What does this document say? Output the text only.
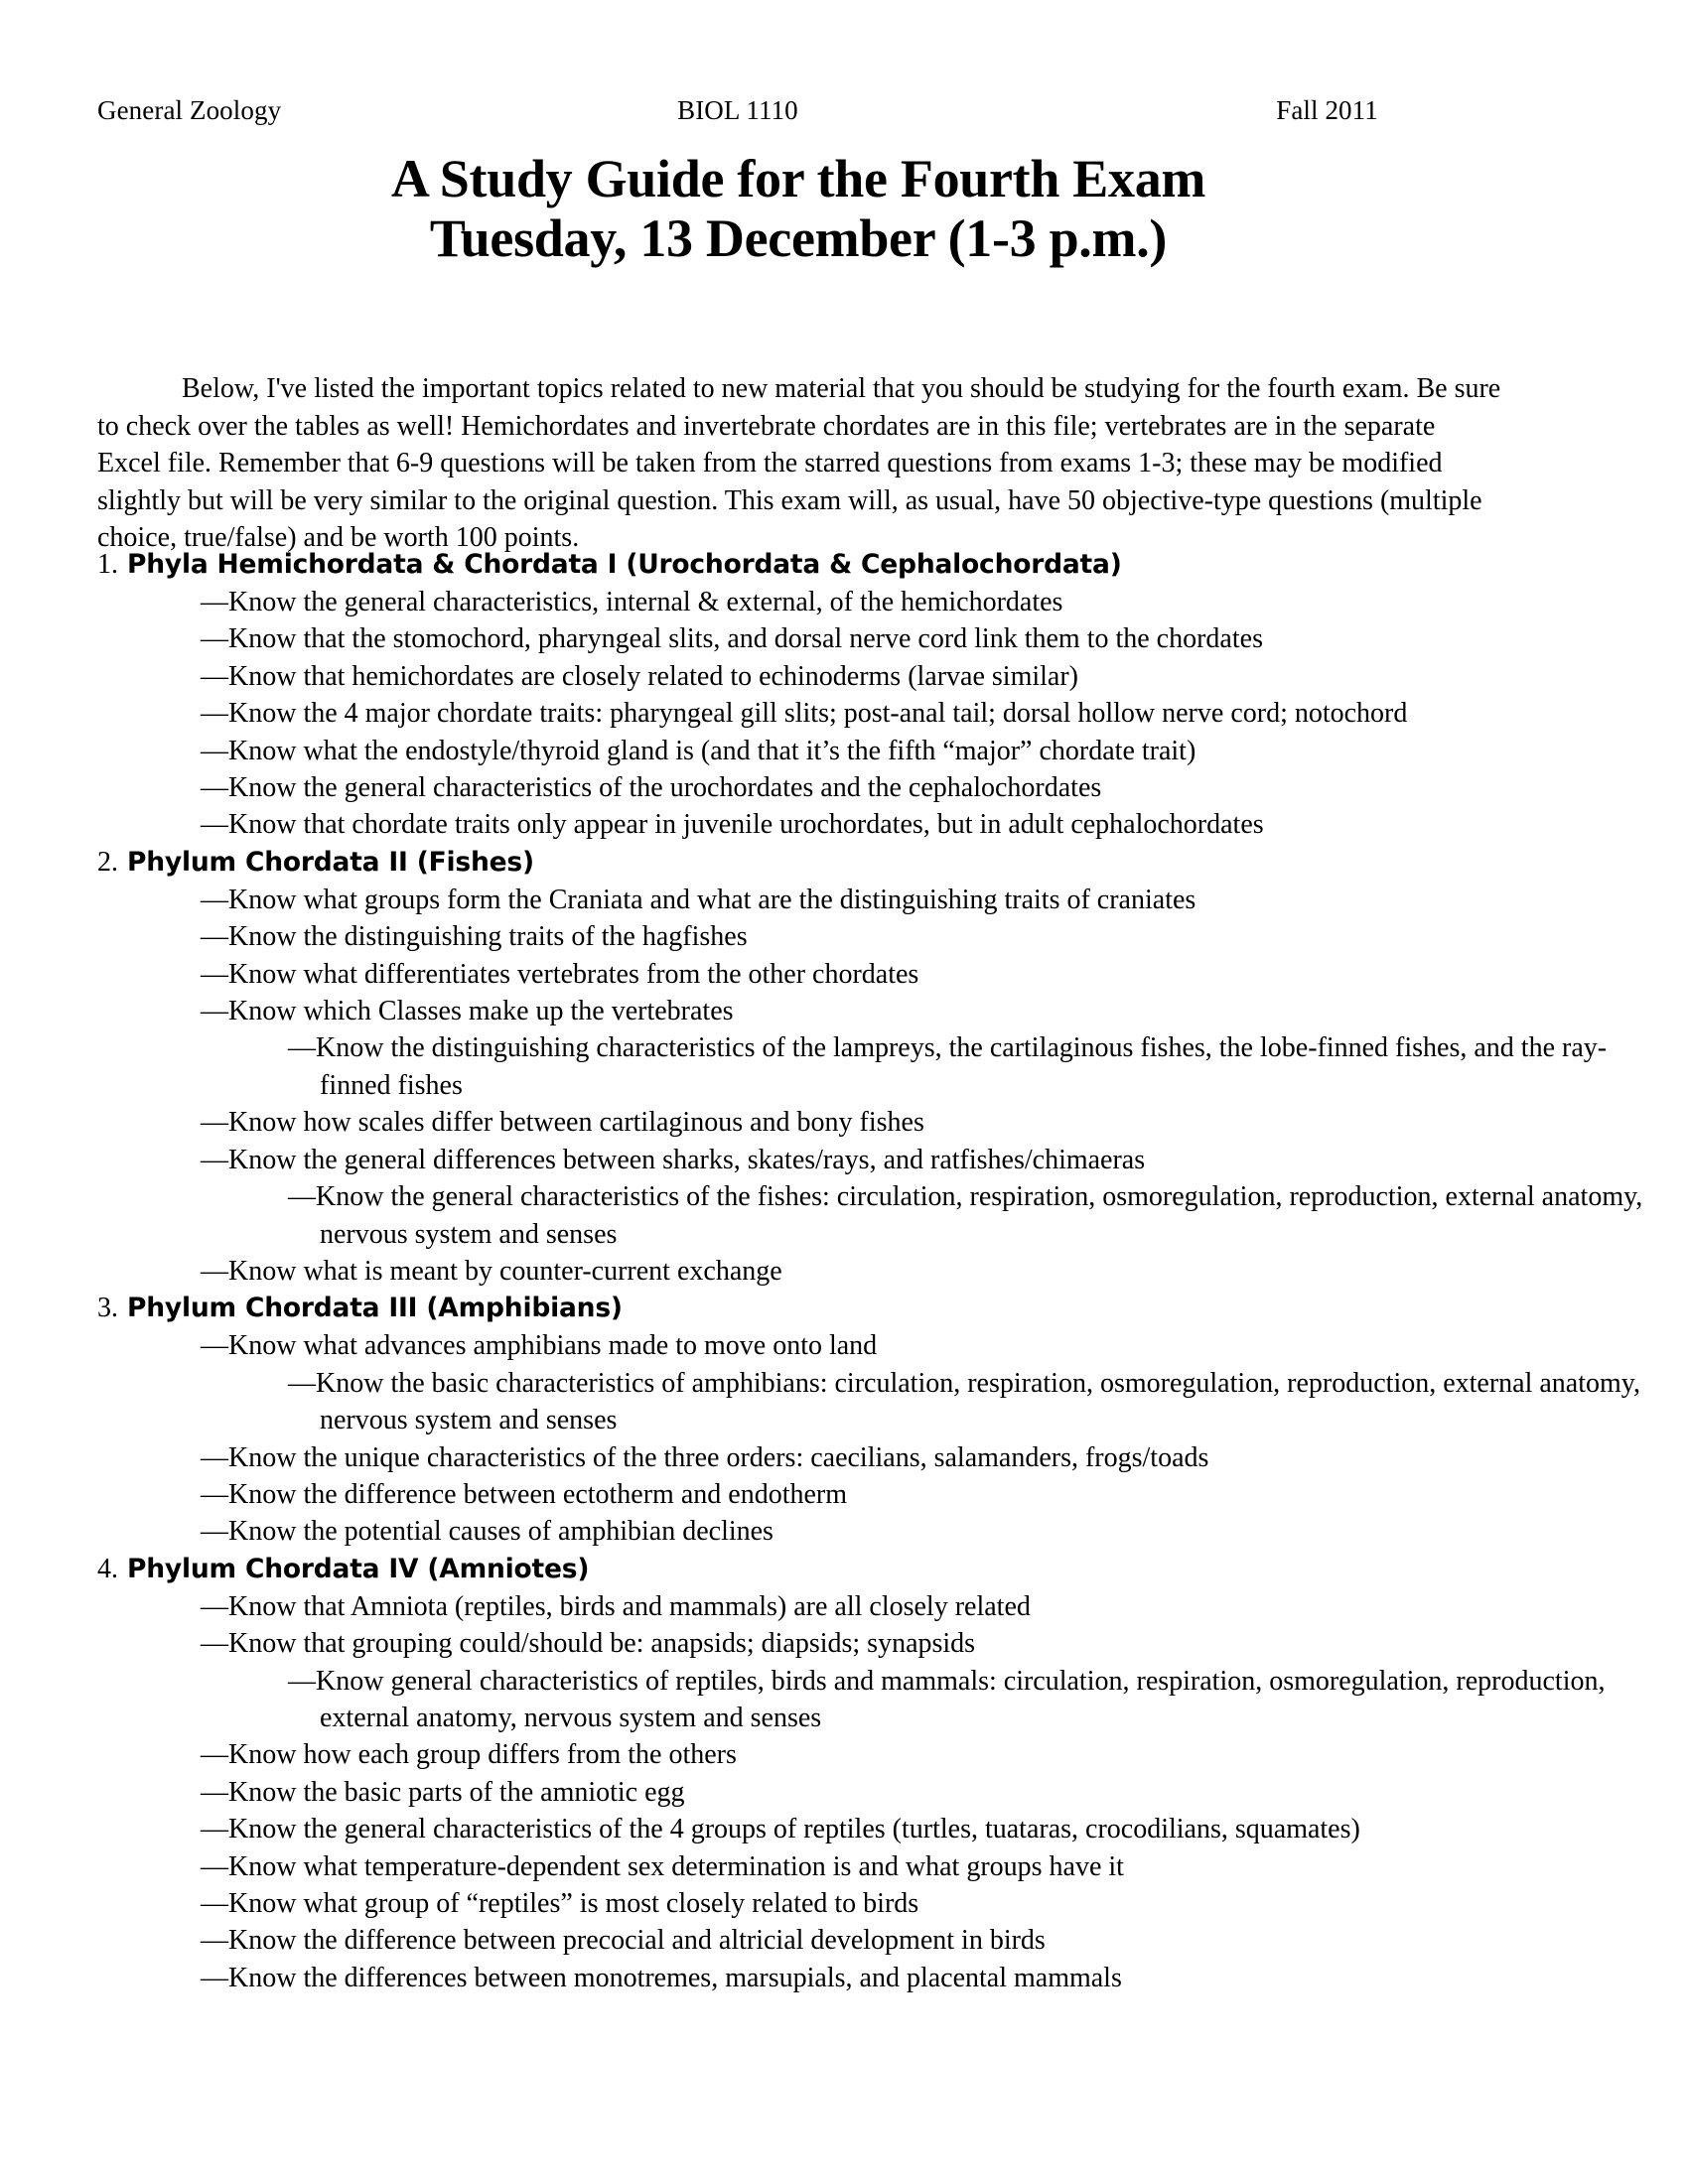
General Zoology	BIOL 1110	Fall 2011
A Study Guide for the Fourth Exam
Tuesday, 13 December (1-3 p.m.)

Below, I've listed the important topics related to new material that you should be studying for the fourth exam. Be sure to check over the tables as well! Hemichordates and invertebrate chordates are in this file; vertebrates are in the separate Excel file. Remember that 6-9 questions will be taken from the starred questions from exams 1-3; these may be modified slightly but will be very similar to the original question. This exam will, as usual, have 50 objective-type questions (multiple choice, true/false) and be worth 100 points.

1. Phyla Hemichordata & Chordata I (Urochordata & Cephalochordata)
—Know the general characteristics, internal & external, of the hemichordates
—Know that the stomochord, pharyngeal slits, and dorsal nerve cord link them to the chordates
—Know that hemichordates are closely related to echinoderms (larvae similar)
—Know the 4 major chordate traits: pharyngeal gill slits; post-anal tail; dorsal hollow nerve cord; notochord
—Know what the endostyle/thyroid gland is (and that it’s the fifth “major” chordate trait)
—Know the general characteristics of the urochordates and the cephalochordates
—Know that chordate traits only appear in juvenile urochordates, but in adult cephalochordates
2. Phylum Chordata II (Fishes)
—Know what groups form the Craniata and what are the distinguishing traits of craniates
—Know the distinguishing traits of the hagfishes
—Know what differentiates vertebrates from the other chordates
—Know which Classes make up the vertebrates
—Know the distinguishing characteristics of the lampreys, the cartilaginous fishes, the lobe-finned fishes, and the ray-finned fishes
—Know how scales differ between cartilaginous and bony fishes
—Know the general differences between sharks, skates/rays, and ratfishes/chimaeras
—Know the general characteristics of the fishes: circulation, respiration, osmoregulation, reproduction, external anatomy, nervous system and senses
—Know what is meant by counter-current exchange
3. Phylum Chordata III (Amphibians)
—Know what advances amphibians made to move onto land
—Know the basic characteristics of amphibians: circulation, respiration, osmoregulation, reproduction, external anatomy, nervous system and senses
—Know the unique characteristics of the three orders: caecilians, salamanders, frogs/toads
—Know the difference between ectotherm and endotherm
—Know the potential causes of amphibian declines
4. Phylum Chordata IV (Amniotes)
—Know that Amniota (reptiles, birds and mammals) are all closely related
—Know that grouping could/should be: anapsids; diapsids; synapsids
—Know general characteristics of reptiles, birds and mammals: circulation, respiration, osmoregulation, reproduction, external anatomy, nervous system and senses
—Know how each group differs from the others
—Know the basic parts of the amniotic egg
—Know the general characteristics of the 4 groups of reptiles (turtles, tuataras, crocodilians, squamates)
—Know what temperature-dependent sex determination is and what groups have it
—Know what group of “reptiles” is most closely related to birds
—Know the difference between precocial and altricial development in birds
—Know the differences between monotremes, marsupials, and placental mammals
